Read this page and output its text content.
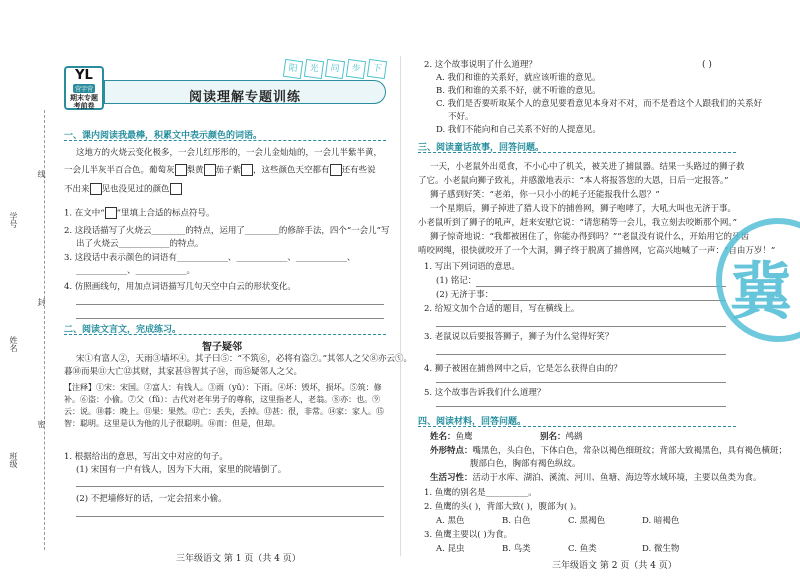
线
封
密
学号
姓名
班级
阳	光	同	步	下
阅读理解专题训练
YL
营字营
期末专题
考前卷
一、课内阅读我最棒，积累文中表示颜色的词语。
这地方的火烧云变化极多，一会儿红彤彤的，一会儿金灿灿的，一会儿半紫半黄，
一会儿半灰半百合色。葡萄灰 梨黄 茄子紫 ，这些颜色天空都有 还有些说
不出来 见也没见过的颜色
1. 在文中“ ”里填上合适的标点符号。
2. 这段话描写了火烧云________的特点，运用了________的修辞手法，四个“一会儿”写
出了火烧云____________的特点。
3. 这段话中表示颜色的词语有____________、____________、____________、
____________、____________。
4. 仿照画线句，用加点词语描写几句天空中白云的形状变化。
二、阅读文言文，完成练习。
智子疑邻
宋①有富人②，天雨③墙坏④。其子曰⑤：“不筑⑥，必将有盗⑦。”其邻人之父⑧亦云⑨。
暮⑩而果⑪大亡⑫其财，其家甚⑬智其子⑭，而⑮疑邻人之父。
【注释】①宋：宋国。②富人：有钱人。③雨（yǔ）：下雨。④坏：毁坏，损坏。⑤筑：修补。⑥盗：小偷。⑦父（fǔ）：古代对老年男子的尊称，这里指老人，老翁。⑧亦：也。⑨云：说。⑩暮：晚上。⑪果：果然。⑫亡：丢失，丢掉。⑬甚：很，非常。⑭家：家人。⑮智：聪明。这里是认为他的儿子很聪明。⑯而：但是，但却。
1. 根据给出的意思，写出文中对应的句子。
(1) 宋国有一户有钱人，因为下大雨，家里的院墙倒了。
(2) 不把墙修好的话，一定会招来小偷。
三年级语文 第 1 页（共 4 页）
2. 这个故事说明了什么道理？	( )
A. 我们和谁的关系好，就应该听谁的意见。
B. 我们和谁的关系不好，就不听谁的意见。
C. 我们是否要听取某个人的意见要看意见本身对不对，而不是看这个人跟我们的关系好
不好。
D. 我们不能向和自己关系不好的人提意见。
三、阅读童话故事，回答问题。
一天，小老鼠外出觅食，不小心中了机关，被关进了捕鼠器。结果一头路过的狮子救
了它。小老鼠向狮子致礼，并感激地表示：“本人将报答您的大恩，日后一定报答。”
狮子感到好笑：“老弟，你一只小小的耗子还能报我什么恩？”
一个星期后，狮子掉进了猎人设下的捕兽网，狮子咆哮了，大吼大叫也无济于事。
小老鼠听到了狮子的吼声，赶来安慰它说：“请您稍等一会儿，我立刻去咬断那个网。”
狮子惊奇地说：“我都被困住了，你能办得到吗？”“老鼠没有说什么，开始用它的牙齿
啃咬网绳，很快就咬开了一个大洞，狮子终于脱离了捕兽网，它高兴地喊了一声：“自由万岁！”
1. 写出下列词语的意思。
(1) 铭记：
(2) 无济于事：
2. 给短文加个合适的题目，写在横线上。
3. 老鼠说以后要报答狮子，狮子为什么觉得好笑？
4. 狮子被困在捕兽网中之后，它是怎么获得自由的？
5. 这个故事告诉我们什么道理？
四、阅读材料，回答问题。
姓名：鱼鹰	别名：鸬鹚
外形特点：嘴黑色，头白色，下体白色，常杂以褐色细斑纹；背部大致褐黑色，具有褐色横斑；
腹部白色，胸部有褐色纵纹。
生活习性：活动于水库、湖泊、溪流、河川、鱼塘、海边等水域环境，主要以鱼类为食。
1. 鱼鹰的别名是__________。
2. 鱼鹰的头( )，背部大致( )，腹部为( )。
A. 黑色	B. 白色	C. 黑褐色	D. 暗褐色
3. 鱼鹰主要以( )为食。
A. 昆虫	B. 鸟类	C. 鱼类	D. 微生物
三年级语文 第 2 页（共 4 页）
冀
